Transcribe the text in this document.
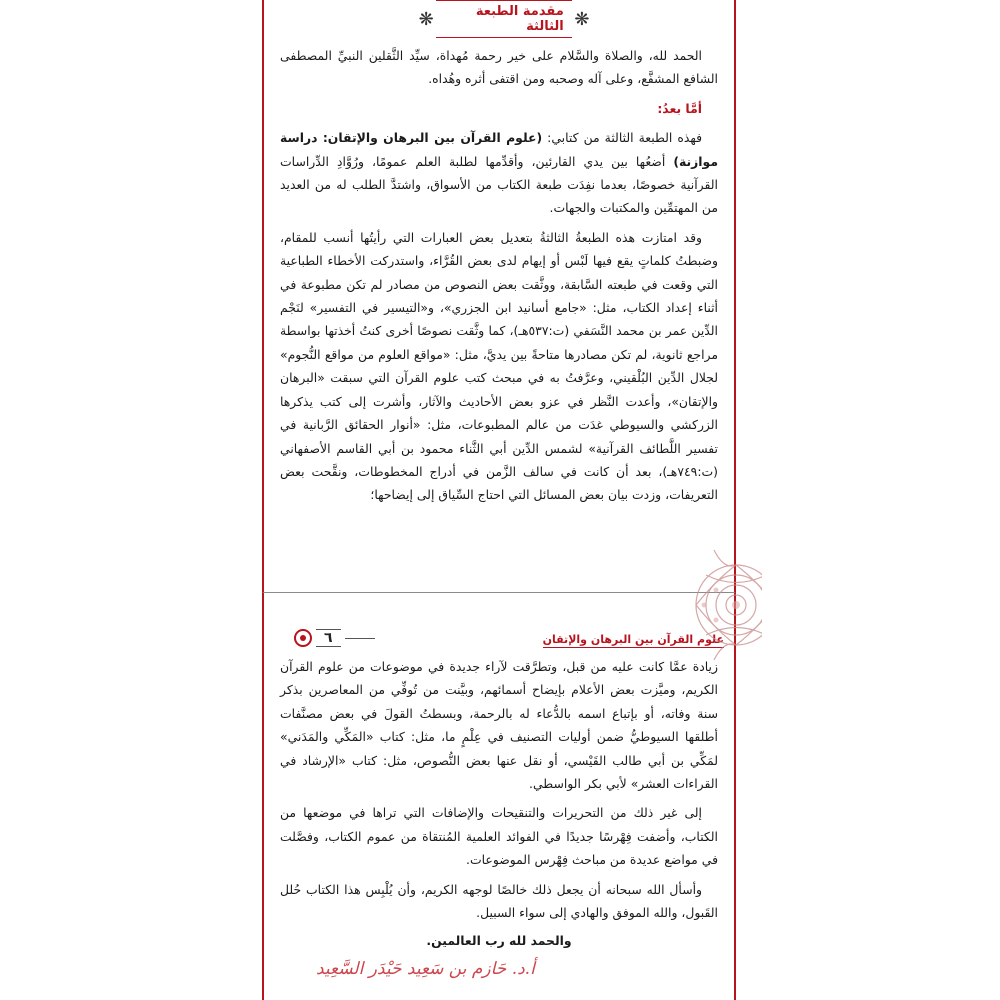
❋	مقدمة الطبعة الثالثة ❋

الحمد لله، والصلاة والسَّلام على خير رحمة مُهداة، سيِّد الثَّقلين النبيِّ المصطفى الشافع المشفَّع، وعلى آله وصحبه ومن اقتفى أثره وهُداه.

أمَّا بعدُ:

فهذه الطبعة الثالثة من كتابي: (علوم القرآن بين البرهان والإتقان: دراسة موازنة) أضعُها بين يدي القارئين، وأقدِّمها لطلبة العلم عمومًا، ورُوَّادِ الدِّراسات القرآنية خصوصًا، بعدما نفِدَت طبعة الكتاب من الأسواق، واشتدَّ الطلب له من العديد من المهتمِّين والمكتبات والجهات.

وقد امتازت هذه الطبعةُ الثالثةُ بتعديل بعض العبارات التي رأيتُها أنسب للمقام، وضبطتُ كلماتٍ يقع فيها لَبْس أو إيهام لدى بعض القُرَّاء، واستدركت الأخطاء الطباعية التي وقعت في طبعته السَّابقة، ووثَّقت بعض النصوص من مصادر لم تكن مطبوعة في أثناء إعداد الكتاب، مثل: «جامع أسانيد ابن الجزري»، و«التيسير في التفسير» لنَجْم الدِّين عمر بن محمد النَّسَفي (ت:٥٣٧هـ)، كما وثَّقت نصوصًا أخرى كنتُ أخذتها بواسطة مراجع ثانوية، لم تكن مصادرها متاحةً بين يديَّ، مثل: «مواقع العلوم من مواقع النُّجوم» لجلال الدِّين البُلْقيني، وعرَّفتُ به في مبحث كتب علوم القرآن التي سبقت «البرهان والإتقان»، وأعدت النَّظر في عزو بعض الأحاديث والآثار، وأشرت إلى كتب يذكرها الزركشي والسيوطي غدَت من عالم المطبوعات، مثل: «أنوار الحقائق الرَّبانية في تفسير اللَّطائف القرآنية» لشمس الدِّين أبي الثَّناء محمود بن أبي القاسم الأصفهاني (ت:٧٤٩هـ)، بعد أن كانت في سالف الزَّمن في أدراج المخطوطات، ونقَّحت بعض التعريفات، وزدت بيان بعض المسائل التي احتاج السِّياق إلى إيضاحها؛

٦	علوم القرآن بين البرهان والإتقان

زيادة عمَّا كانت عليه من قبل، وتطرَّقت لآراء جديدة في موضوعات من علوم القرآن الكريم، وميَّزت بعض الأعلام بإيضاح أسمائهم، وبيَّنت من تُوفِّي من المعاصرين بذكر سنة وفاته، أو بإتباع اسمه بالدُّعاء له بالرحمة، وبسطتُ القولَ في بعض مصنَّفات أطلقها السيوطيُّ ضمن أوليات التصنيف في عِلْمٍ ما، مثل: كتاب «المَكِّي والمَدَني» لمَكِّي بن أبي طالب القَيْسي، أو نقل عنها بعض النُّصوص، مثل: كتاب «الإرشاد في القراءات العشر» لأبي بكر الواسطي.

إلى غير ذلك من التحريرات والتنقيحات والإضافات التي تراها في موضعها من الكتاب، وأضفت فِهْرسًا جديدًا في الفوائد العلمية المُنتقاة من عموم الكتاب، وفصَّلت في مواضع عديدة من مباحث فِهْرس الموضوعات.

وأسأل الله سبحانه أن يجعل ذلك خالصًا لوجهه الكريم، وأن يُلْبِس هذا الكتاب حُلل القَبول، والله الموفق والهادي إلى سواء السبيل.

والحمد لله رب العالمين.
أ.د. حَازم بن سَعِيد حَيْدَر السَّعِيد
